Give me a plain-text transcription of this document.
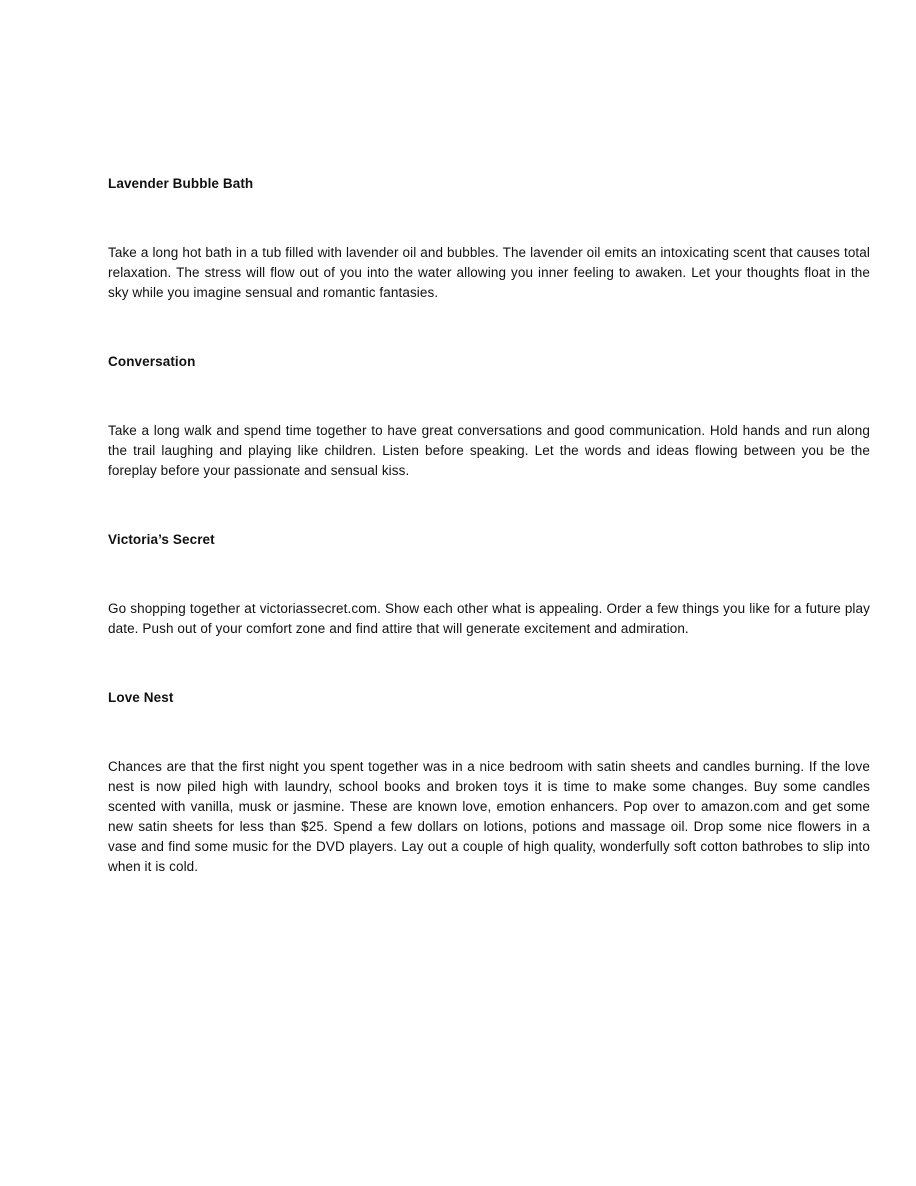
Lavender Bubble Bath

Take a long hot bath in a tub filled with lavender oil and bubbles. The lavender oil emits an intoxicating scent that causes total relaxation. The stress will flow out of you into the water allowing you inner feeling to awaken. Let your thoughts float in the sky while you imagine sensual and romantic fantasies.

Conversation

Take a long walk and spend time together to have great conversations and good communication. Hold hands and run along the trail laughing and playing like children. Listen before speaking. Let the words and ideas flowing between you be the foreplay before your passionate and sensual kiss.

Victoria’s Secret

Go shopping together at victoriassecret.com. Show each other what is appealing. Order a few things you like for a future play date. Push out of your comfort zone and find attire that will generate excitement and admiration.

Love Nest

Chances are that the first night you spent together was in a nice bedroom with satin sheets and candles burning. If the love nest is now piled high with laundry, school books and broken toys it is time to make some changes. Buy some candles scented with vanilla, musk or jasmine. These are known love, emotion enhancers. Pop over to amazon.com and get some new satin sheets for less than $25. Spend a few dollars on lotions, potions and massage oil. Drop some nice flowers in a vase and find some music for the DVD players. Lay out a couple of high quality, wonderfully soft cotton bathrobes to slip into when it is cold.
